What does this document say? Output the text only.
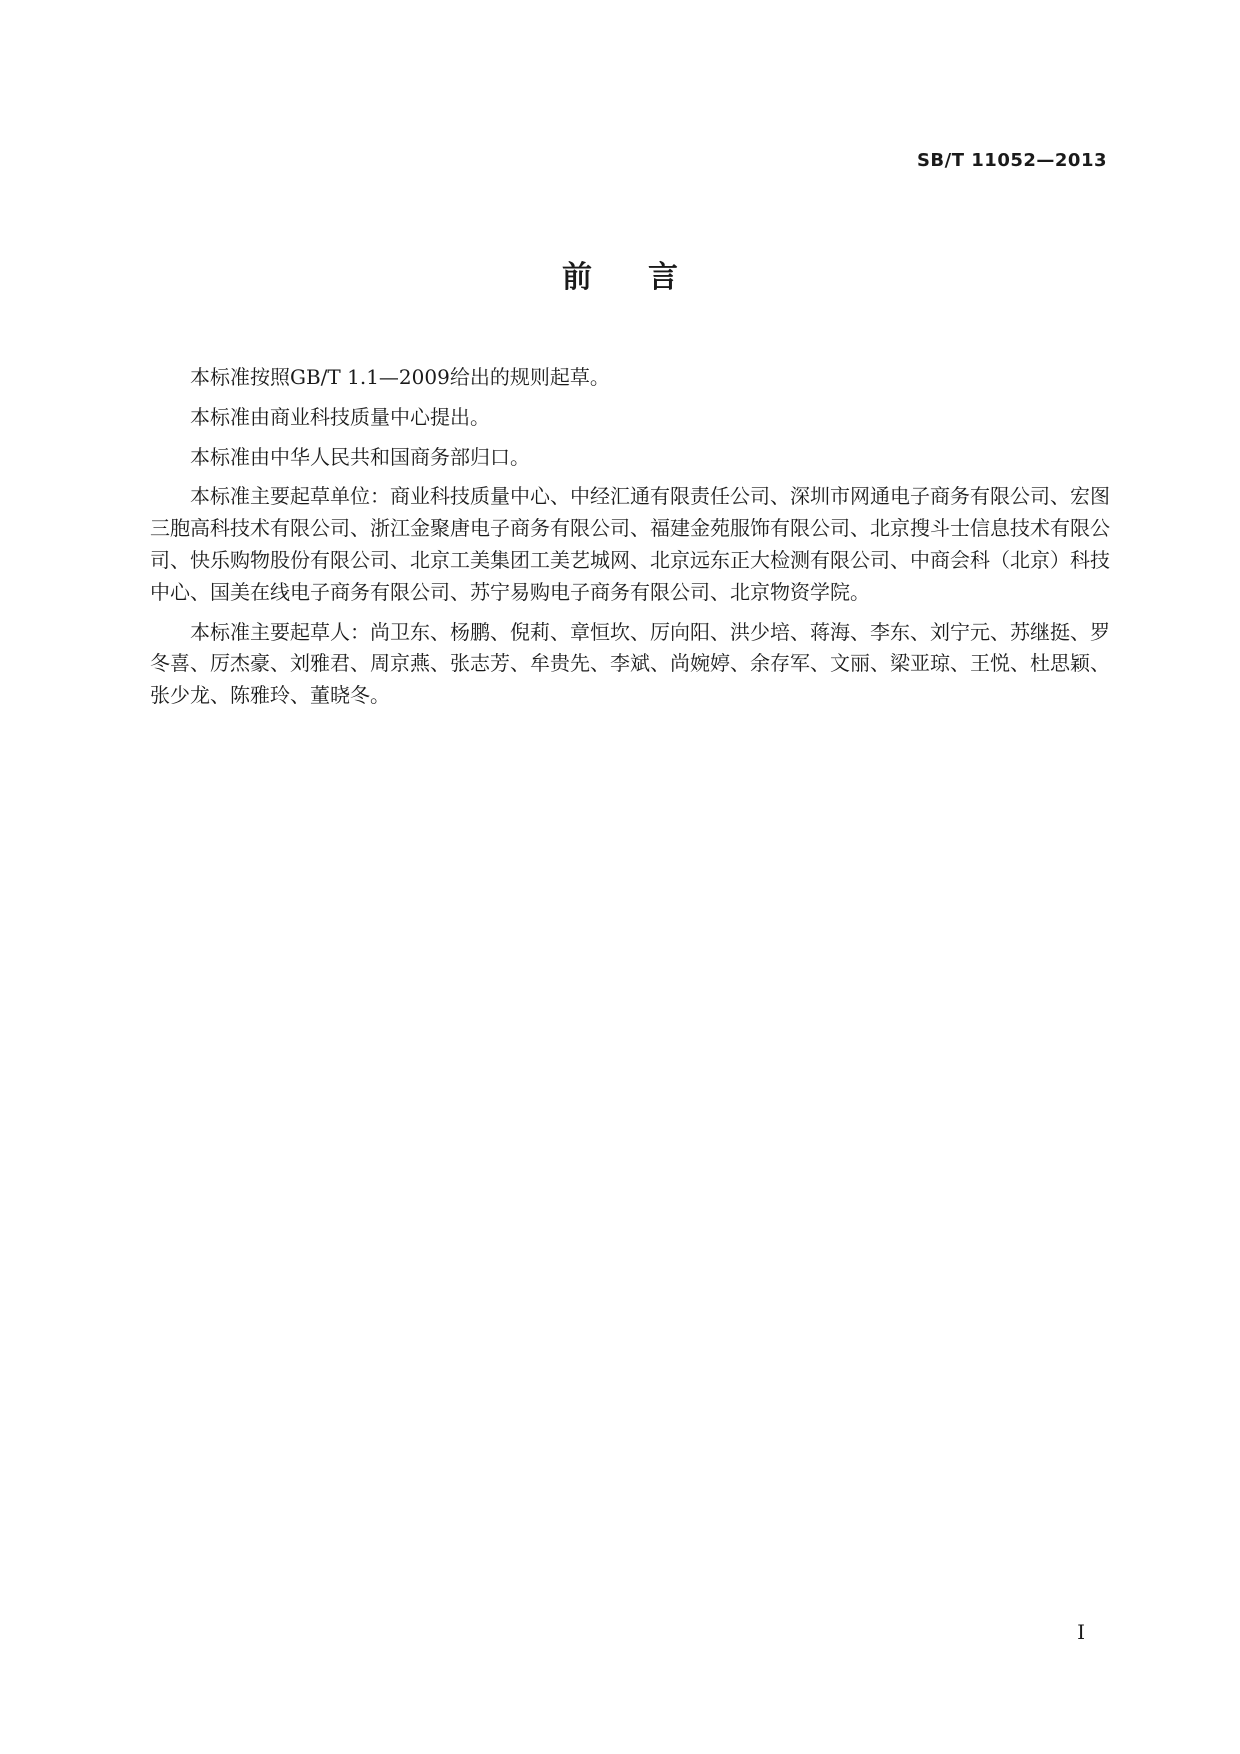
SB/T 11052—2013
前言

本标准按照GB/T 1.1—2009给出的规则起草。

本标准由商业科技质量中心提出。

本标准由中华人民共和国商务部归口。

本标准主要起草单位：商业科技质量中心、中经汇通有限责任公司、深圳市网通电子商务有限公司、宏图三胞高科技术有限公司、浙江金聚唐电子商务有限公司、福建金苑服饰有限公司、北京搜斗士信息技术有限公司、快乐购物股份有限公司、北京工美集团工美艺城网、北京远东正大检测有限公司、中商会科（北京）科技中心、国美在线电子商务有限公司、苏宁易购电子商务有限公司、北京物资学院。

本标准主要起草人：尚卫东、杨鹏、倪莉、章恒坎、厉向阳、洪少培、蒋海、李东、刘宁元、苏继挺、罗冬喜、厉杰豪、刘雅君、周京燕、张志芳、牟贵先、李斌、尚婉婷、余存军、文丽、梁亚琼、王悦、杜思颖、张少龙、陈雅玲、董晓冬。

I
